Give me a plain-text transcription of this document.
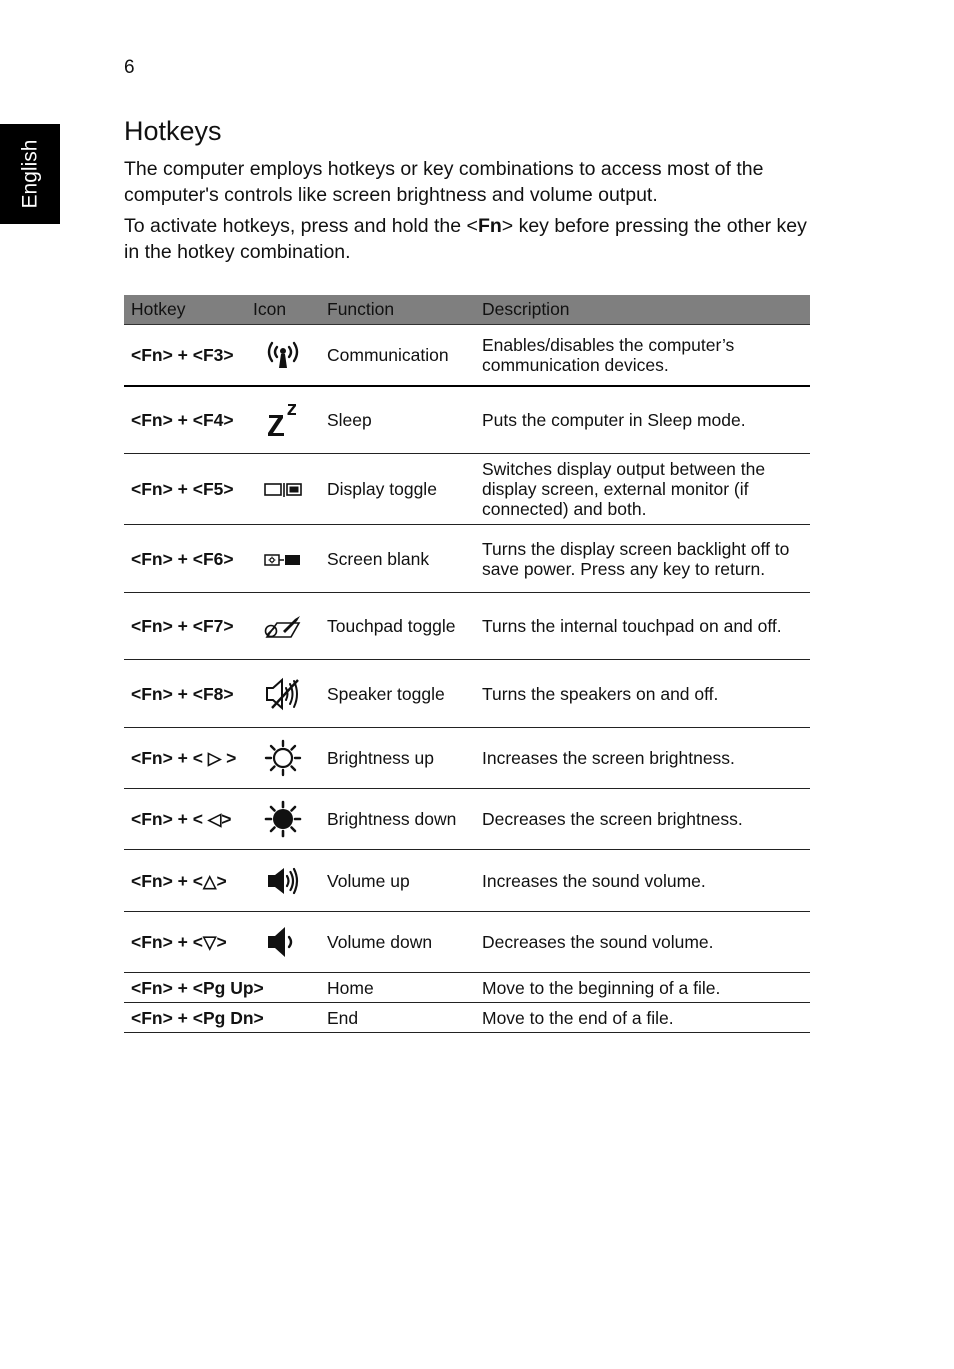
6
English
Hotkeys

The computer employs hotkeys or key combinations to access most of the computer's controls like screen brightness and volume output.

To activate hotkeys, press and hold the <Fn> key before pressing the other key in the hotkey combination.

Hotkey	Icon	Function	Description
<Fn> + <F3>		Communication	Enables/disables the computer’s communication devices.
<Fn> + <F4>		Sleep	Puts the computer in Sleep mode.
<Fn> + <F5>		Display toggle	Switches display output between the display screen, external monitor (if connected) and both.
<Fn> + <F6>		Screen blank	Turns the display screen backlight off to save power. Press any key to return.
<Fn> + <F7>		Touchpad toggle	Turns the internal touchpad on and off.
<Fn> + <F8>		Speaker toggle	Turns the speakers on and off.
<Fn> + < ▷ >		Brightness up	Increases the screen brightness.
<Fn> + < ◁>		Brightness down	Decreases the screen brightness.
<Fn> + <△>		Volume up	Increases the sound volume.
<Fn> + <▽>		Volume down	Decreases the sound volume.
<Fn> + <Pg Up>		Home	Move to the beginning of a file.
<Fn> + <Pg Dn>		End	Move to the end of a file.
